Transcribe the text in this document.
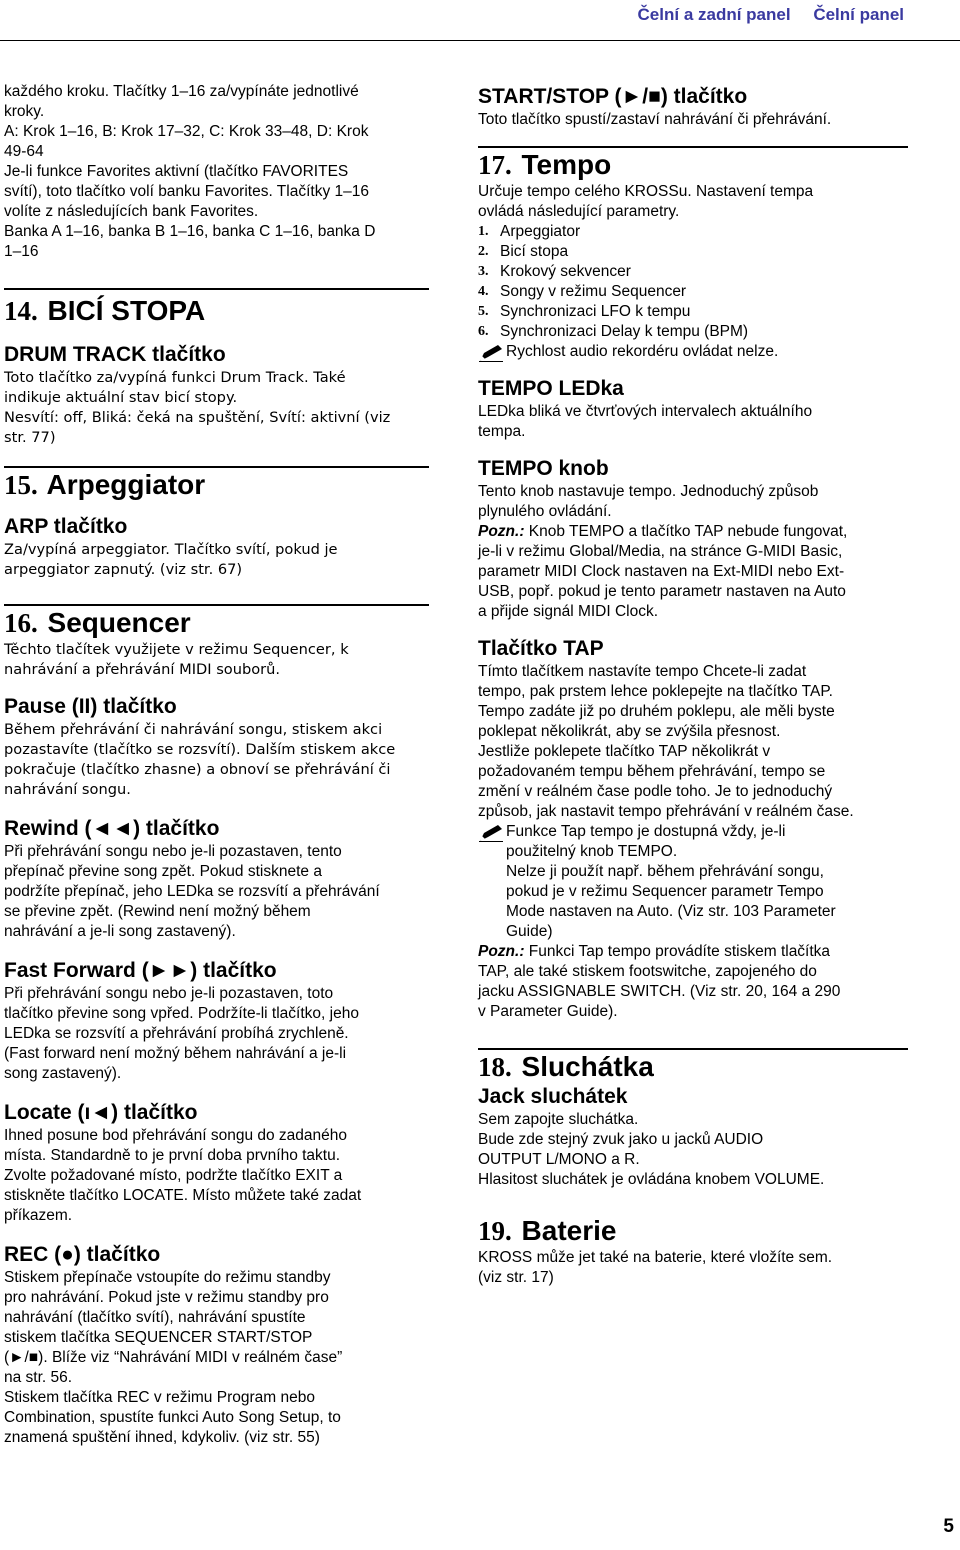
Čelní a zadní panel Čelní panel

každého kroku. Tlačítky 1–16 za/vypínáte jednotlivé

kroky.

A: Krok 1–16, B: Krok 17–32, C: Krok 33–48, D: Krok

49-64

Je-li funkce Favorites aktivní (tlačítko FAVORITES

svítí), toto tlačítko volí banku Favorites. Tlačítky 1–16

volíte z následujících bank Favorites.

Banka A 1–16, banka B 1–16, banka C 1–16, banka D

1–16

14. BICÍ STOPA
DRUM TRACK tlačítko

Toto tlačítko za/vypíná funkci Drum Track. Také

indikuje aktuální stav bicí stopy.

Nesvítí: off, Bliká: čeká na spuštění, Svítí: aktivní (viz

str. 77)

15. Arpeggiator
ARP tlačítko

Za/vypíná arpeggiator. Tlačítko svítí, pokud je

arpeggiator zapnutý. (viz str. 67)

16. Sequencer

Těchto tlačítek využijete v režimu Sequencer, k

nahrávání a přehrávání MIDI souborů.

Pause (II) tlačítko

Během přehrávání či nahrávání songu, stiskem akci

pozastavíte (tlačítko se rozsvítí). Dalším stiskem akce

pokračuje (tlačítko zhasne) a obnoví se přehrávání či

nahrávání songu.

Rewind (◄◄) tlačítko

Při přehrávání songu nebo je-li pozastaven, tento

přepínač převine song zpět. Pokud stisknete a

podržíte přepínač, jeho LEDka se rozsvítí a přehrávání

se převine zpět. (Rewind není možný během

nahrávání a je-li song zastavený).

Fast Forward (►►) tlačítko

Při přehrávání songu nebo je-li pozastaven, toto

tlačítko převine song vpřed. Podržíte-li tlačítko, jeho

LEDka se rozsvítí a přehrávání probíhá zrychleně.

(Fast forward není možný během nahrávání a je-li

song zastavený).

Locate (ı◄) tlačítko

Ihned posune bod přehrávání songu do zadaného

místa. Standardně to je první doba prvního taktu.

Zvolte požadované místo, podržte tlačítko EXIT a

stiskněte tlačítko LOCATE. Místo můžete také zadat

příkazem.

REC (●) tlačítko

Stiskem přepínače vstoupíte do režimu standby

pro nahrávání. Pokud jste v režimu standby pro

nahrávání (tlačítko svítí), nahrávání spustíte

stiskem tlačítka SEQUENCER START/STOP

(►/■). Blíže viz “Nahrávání MIDI v reálném čase”

na str. 56.

Stiskem tlačítka REC v režimu Program nebo

Combination, spustíte funkci Auto Song Setup, to

znamená spuštění ihned, kdykoliv. (viz str. 55)

START/STOP (►/■) tlačítko

Toto tlačítko spustí/zastaví nahrávání či přehrávání.

17. Tempo

Určuje tempo celého KROSSu. Nastavení tempa

ovládá následující parametry.

1. Arpeggiator
2. Bicí stopa
3. Krokový sekvencer
4. Songy v režimu Sequencer
5. Synchronizaci LFO k tempu
6. Synchronizaci Delay k tempu (BPM)
Rychlost audio rekordéru ovládat nelze.
TEMPO LEDka

LEDka bliká ve čtvrťových intervalech aktuálního

tempa.

TEMPO knob

Tento knob nastavuje tempo. Jednoduchý způsob

plynulého ovládání.

Pozn.: Knob TEMPO a tlačítko TAP nebude fungovat,

je-li v režimu Global/Media, na stránce G-MIDI Basic,

parametr MIDI Clock nastaven na Ext-MIDI nebo Ext-

USB, popř. pokud je tento parametr nastaven na Auto

a přijde signál MIDI Clock.

Tlačítko TAP

Tímto tlačítkem nastavíte tempo Chcete-li zadat

tempo, pak prstem lehce poklepejte na tlačítko TAP.

Tempo zadáte již po druhém poklepu, ale měli byste

poklepat několikrát, aby se zvýšila přesnost.

Jestliže poklepete tlačítko TAP několikrát v

požadovaném tempu během přehrávání, tempo se

změní v reálném čase podle toho. Je to jednoduchý

způsob, jak nastavit tempo přehrávání v reálném čase.

Funkce Tap tempo je dostupná vždy, je-li

použitelný knob TEMPO.

Nelze ji použít např. během přehrávání songu,

pokud je v režimu Sequencer parametr Tempo

Mode nastaven na Auto. (Viz str. 103 Parameter

Guide)

Pozn.: Funkci Tap tempo provádíte stiskem tlačítka

TAP, ale také stiskem footswitche, zapojeného do

jacku ASSIGNABLE SWITCH. (Viz str. 20, 164 a 290

v Parameter Guide).

18. Sluchátka
Jack sluchátek

Sem zapojte sluchátka.

Bude zde stejný zvuk jako u jacků AUDIO

OUTPUT L/MONO a R.

Hlasitost sluchátek je ovládána knobem VOLUME.

19. Baterie

KROSS může jet také na baterie, které vložíte sem.

(viz str. 17)

5
